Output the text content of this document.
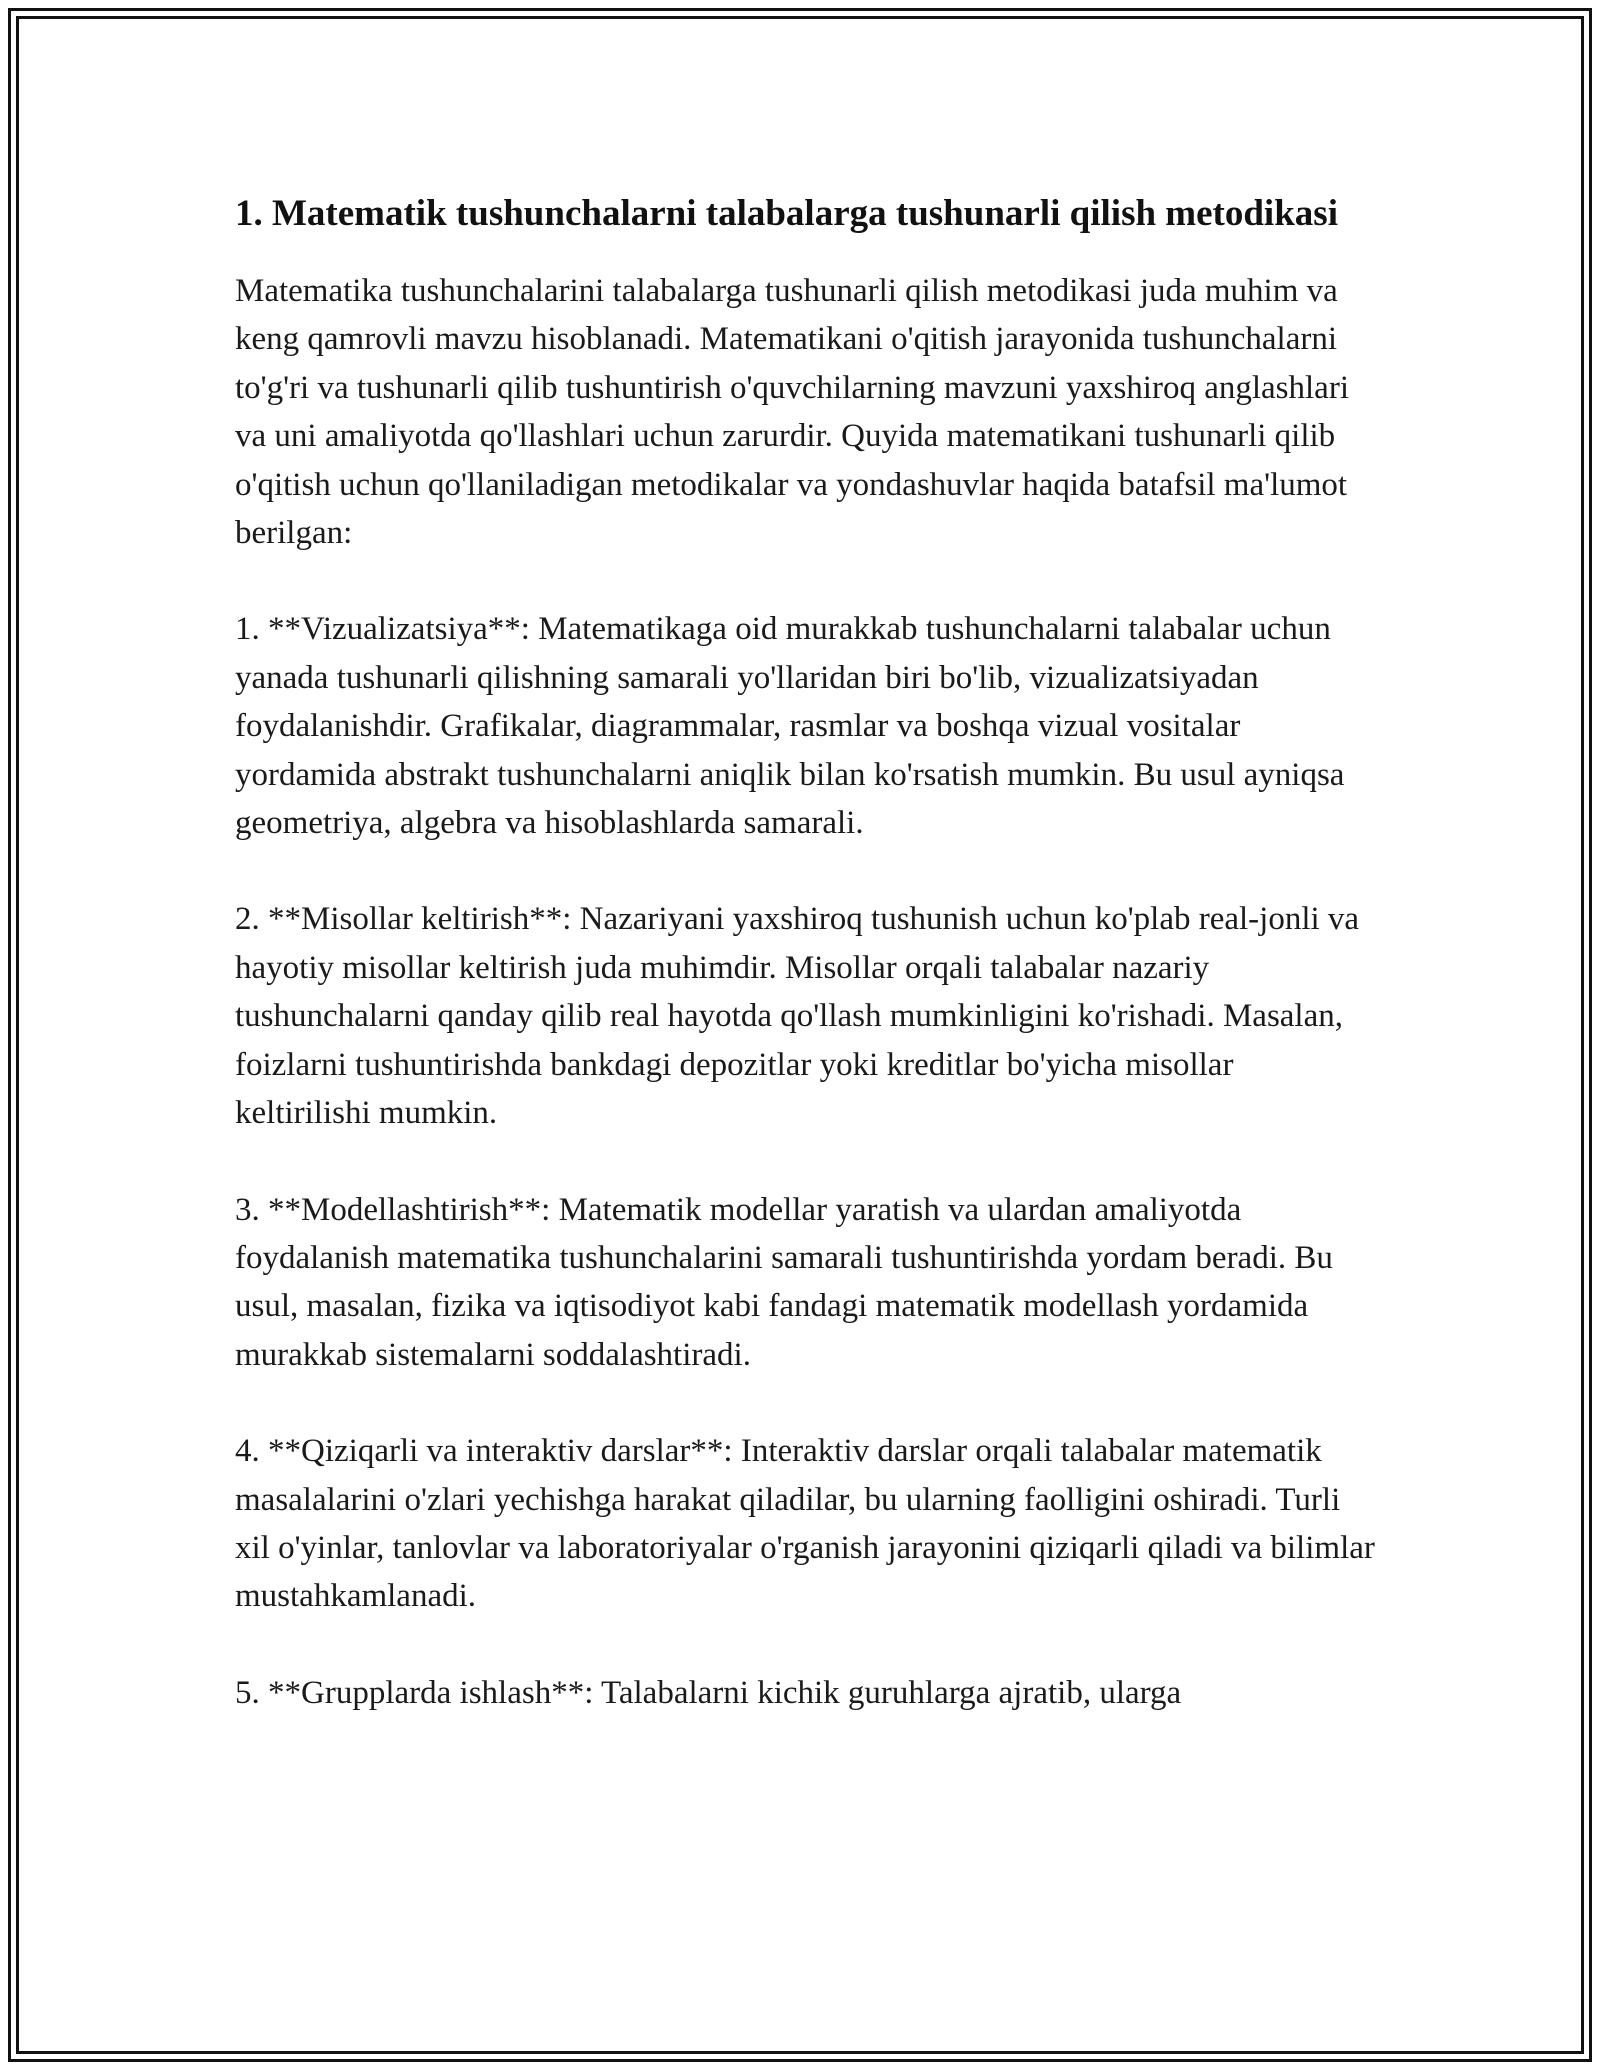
1. Matematik tushunchalarni talabalarga tushunarli qilish metodikasi

Matematika tushunchalarini talabalarga tushunarli qilish metodikasi juda muhim va keng qamrovli mavzu hisoblanadi. Matematikani o'qitish jarayonida tushunchalarni to'g'ri va tushunarli qilib tushuntirish o'quvchilarning mavzuni yaxshiroq anglashlari va uni amaliyotda qo'llashlari uchun zarurdir. Quyida matematikani tushunarli qilib o'qitish uchun qo'llaniladigan metodikalar va yondashuvlar haqida batafsil ma'lumot berilgan:

1. **Vizualizatsiya**: Matematikaga oid murakkab tushunchalarni talabalar uchun yanada tushunarli qilishning samarali yo'llaridan biri bo'lib, vizualizatsiyadan foydalanishdir. Grafikalar, diagrammalar, rasmlar va boshqa vizual vositalar yordamida abstrakt tushunchalarni aniqlik bilan ko'rsatish mumkin. Bu usul ayniqsa geometriya, algebra va hisoblashlarda samarali.

2. **Misollar keltirish**: Nazariyani yaxshiroq tushunish uchun ko'plab real-jonli va hayotiy misollar keltirish juda muhimdir. Misollar orqali talabalar nazariy tushunchalarni qanday qilib real hayotda qo'llash mumkinligini ko'rishadi. Masalan, foizlarni tushuntirishda bankdagi depozitlar yoki kreditlar bo'yicha misollar keltirilishi mumkin.

3. **Modellashtirish**: Matematik modellar yaratish va ulardan amaliyotda foydalanish matematika tushunchalarini samarali tushuntirishda yordam beradi. Bu usul, masalan, fizika va iqtisodiyot kabi fandagi matematik modellash yordamida murakkab sistemalarni soddalashtiradi.

4. **Qiziqarli va interaktiv darslar**: Interaktiv darslar orqali talabalar matematik masalalarini o'zlari yechishga harakat qiladilar, bu ularning faolligini oshiradi. Turli xil o'yinlar, tanlovlar va laboratoriyalar o'rganish jarayonini qiziqarli qiladi va bilimlar mustahkamlanadi.

5. **Grupplarda ishlash**: Talabalarni kichik guruhlarga ajratib, ularga
